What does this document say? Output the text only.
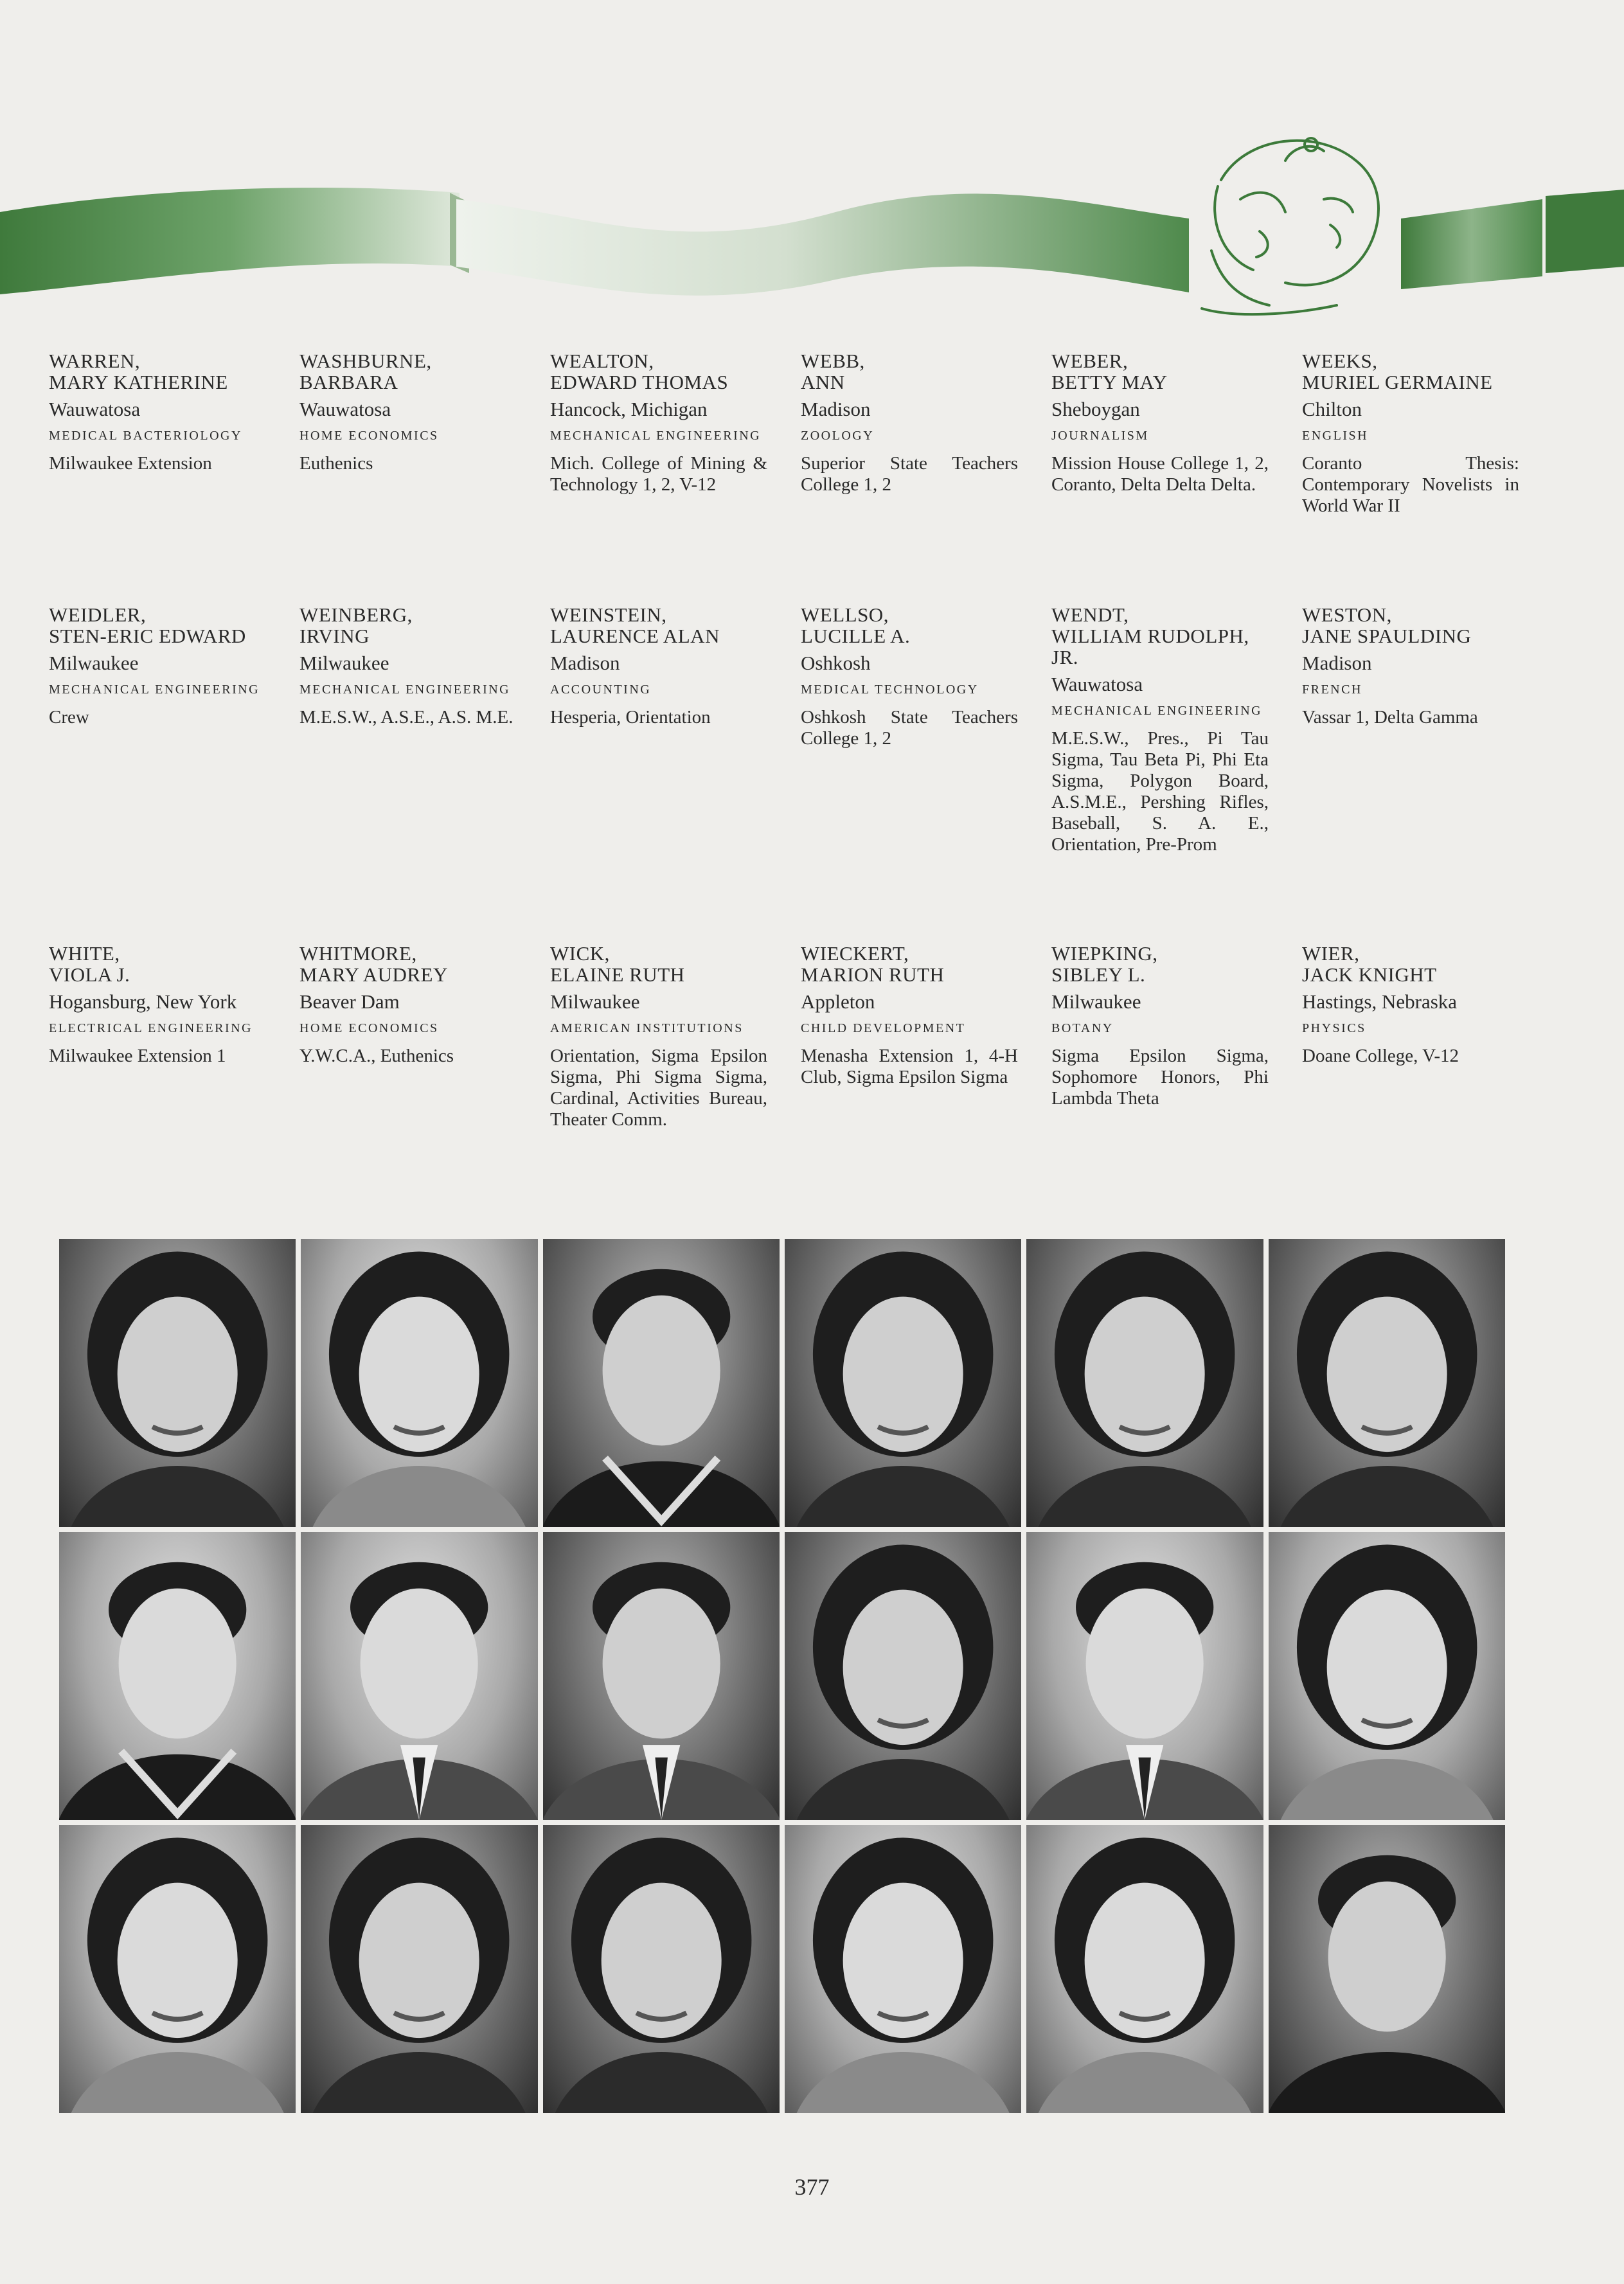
WARREN,
MARY KATHERINE
Wauwatosa
MEDICAL BACTERIOLOGY
Milwaukee Extension
WASHBURNE,
BARBARA
Wauwatosa
HOME ECONOMICS
Euthenics
WEALTON,
EDWARD THOMAS
Hancock, Michigan
MECHANICAL ENGINEERING
Mich. College of Mining & Technology 1, 2, V-12
WEBB,
ANN
Madison
ZOOLOGY
Superior State Teachers College 1, 2
WEBER,
BETTY MAY
Sheboygan
JOURNALISM
Mission House College 1, 2, Coranto, Delta Delta Delta.
WEEKS,
MURIEL GERMAINE
Chilton
ENGLISH
Coranto Thesis: Contemporary Novelists in World War II
WEIDLER,
STEN-ERIC EDWARD
Milwaukee
MECHANICAL ENGINEERING
Crew
WEINBERG,
IRVING
Milwaukee
MECHANICAL ENGINEERING
M.E.S.W., A.S.E., A.S. M.E.
WEINSTEIN,
LAURENCE ALAN
Madison
ACCOUNTING
Hesperia, Orientation
WELLSO,
LUCILLE A.
Oshkosh
MEDICAL TECHNOLOGY
Oshkosh State Teachers College 1, 2
WENDT,
WILLIAM RUDOLPH, JR.
Wauwatosa
MECHANICAL ENGINEERING
M.E.S.W., Pres., Pi Tau Sigma, Tau Beta Pi, Phi Eta Sigma, Polygon Board, A.S.M.E., Pershing Rifles, Baseball, S. A. E., Orientation, Pre-Prom
WESTON,
JANE SPAULDING
Madison
FRENCH
Vassar 1, Delta Gamma
WHITE,
VIOLA J.
Hogansburg, New York
ELECTRICAL ENGINEERING
Milwaukee Extension 1
WHITMORE,
MARY AUDREY
Beaver Dam
HOME ECONOMICS
Y.W.C.A., Euthenics
WICK,
ELAINE RUTH
Milwaukee
AMERICAN INSTITUTIONS
Orientation, Sigma Epsilon Sigma, Phi Sigma Sigma, Cardinal, Activities Bureau, Theater Comm.
WIECKERT,
MARION RUTH
Appleton
CHILD DEVELOPMENT
Menasha Extension 1, 4-H Club, Sigma Epsilon Sigma
WIEPKING,
SIBLEY L.
Milwaukee
BOTANY
Sigma Epsilon Sigma, Sophomore Honors, Phi Lambda Theta
WIER,
JACK KNIGHT
Hastings, Nebraska
PHYSICS
Doane College, V-12
377
